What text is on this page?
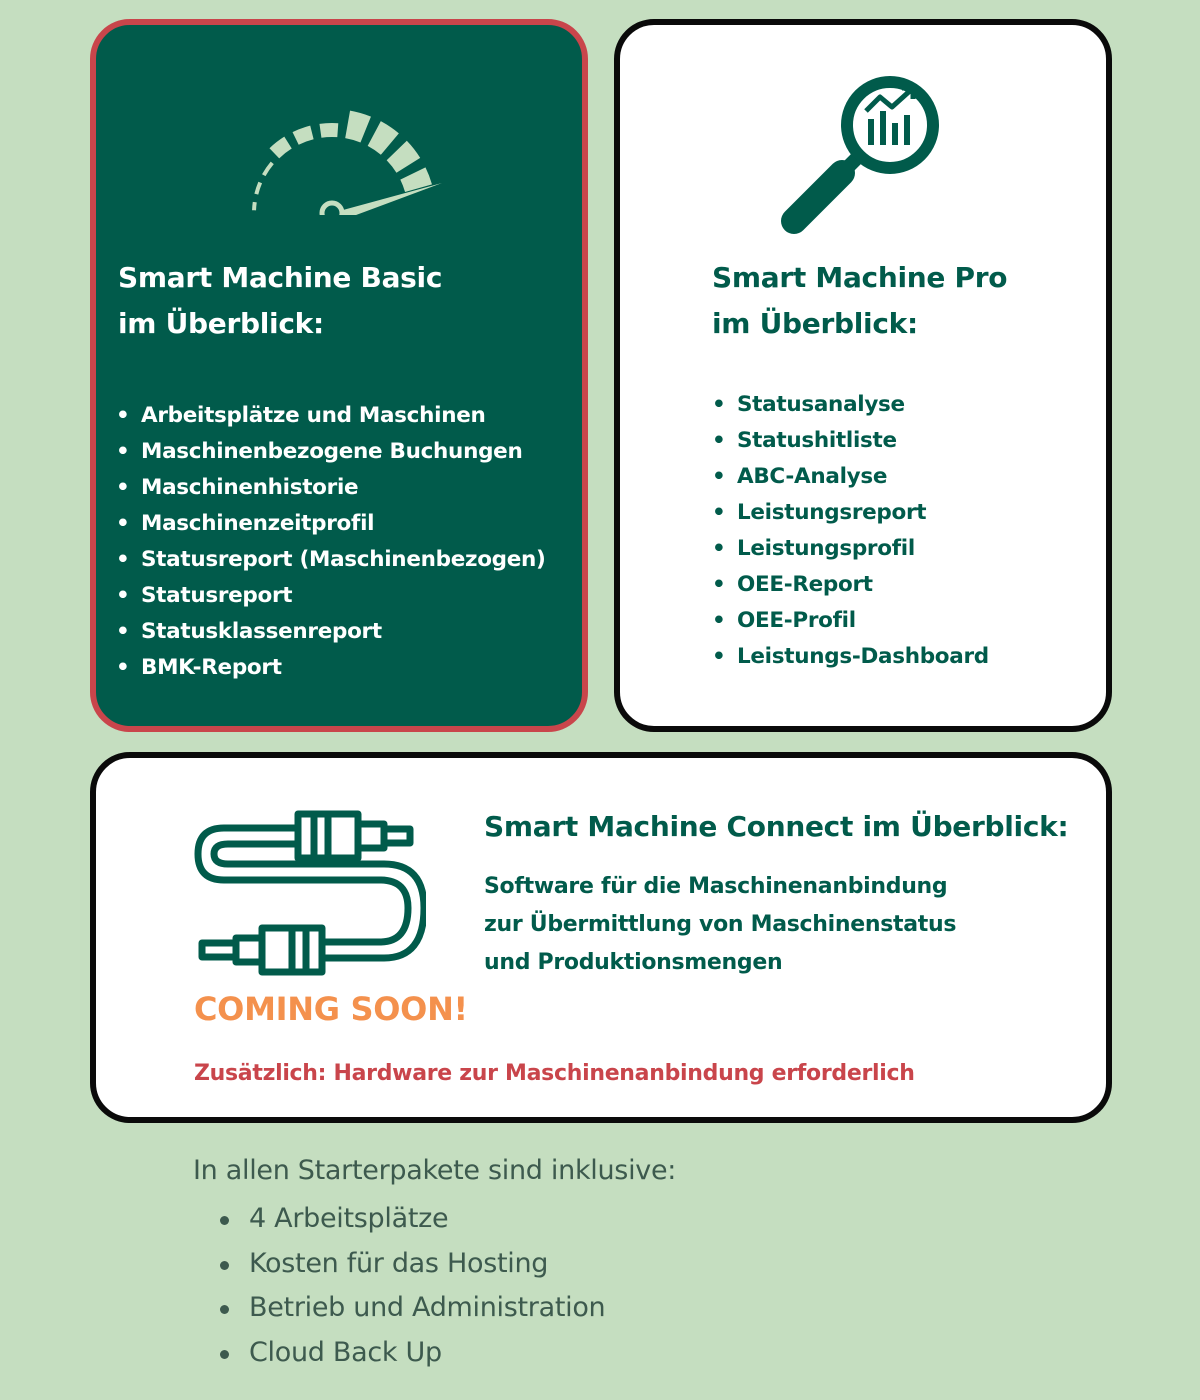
Smart Machine Basic
im Überblick:
• Arbeitsplätze und Maschinen
• Maschinenbezogene Buchungen
• Maschinenhistorie
• Maschinenzeitprofil
• Statusreport (Maschinenbezogen)
• Statusreport
• Statusklassenreport
• BMK-Report
Smart Machine Pro
im Überblick:
• Statusanalyse
• Statushitliste
• ABC-Analyse
• Leistungsreport
• Leistungsprofil
• OEE-Report
• OEE-Profil
• Leistungs-Dashboard
Smart Machine Connect im Überblick:
Software für die Maschinenanbindung
zur Übermittlung von Maschinenstatus
und Produktionsmengen
COMING SOON!
Zusätzlich: Hardware zur Maschinenanbindung erforderlich
In allen Starterpakete sind inklusive:
4 Arbeitsplätze
Kosten für das Hosting
Betrieb und Administration
Cloud Back Up
